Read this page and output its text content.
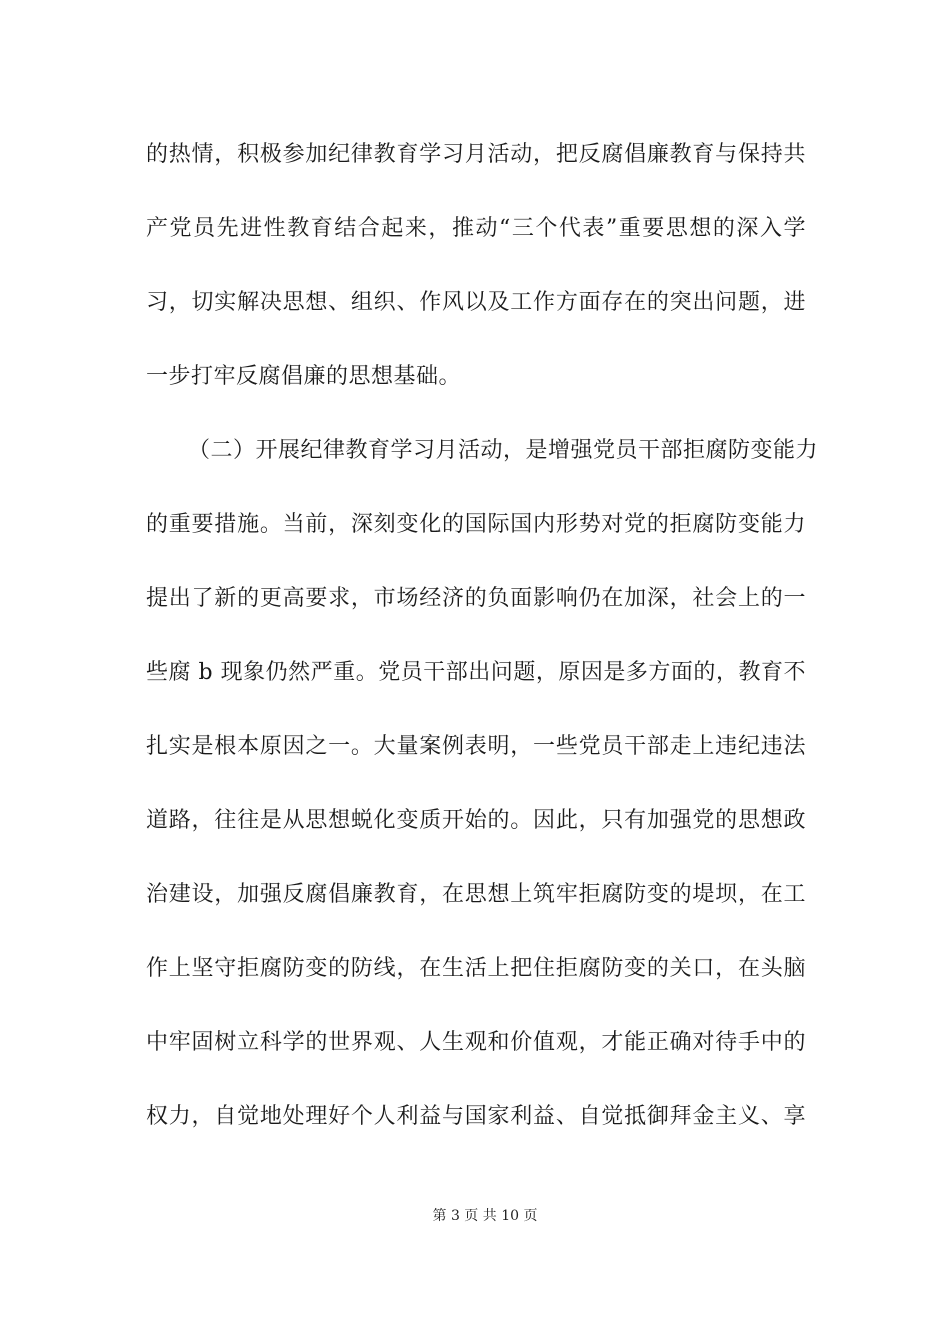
的热情，积极参加纪律教育学习月活动，把反腐倡廉教育与保持共
产党员先进性教育结合起来，推动“三个代表”重要思想的深入学
习，切实解决思想、组织、作风以及工作方面存在的突出问题，进
一步打牢反腐倡廉的思想基础。
（二）开展纪律教育学习月活动，是增强党员干部拒腐防变能力
的重要措施。当前，深刻变化的国际国内形势对党的拒腐防变能力
提出了新的更高要求，市场经济的负面影响仍在加深，社会上的一
些腐 b 现象仍然严重。党员干部出问题，原因是多方面的，教育不
扎实是根本原因之一。大量案例表明，一些党员干部走上违纪违法
道路，往往是从思想蜕化变质开始的。因此，只有加强党的思想政
治建设，加强反腐倡廉教育，在思想上筑牢拒腐防变的堤坝，在工
作上坚守拒腐防变的防线，在生活上把住拒腐防变的关口，在头脑
中牢固树立科学的世界观、人生观和价值观，才能正确对待手中的
权力，自觉地处理好个人利益与国家利益、自觉抵御拜金主义、享
第 3 页 共 10 页
